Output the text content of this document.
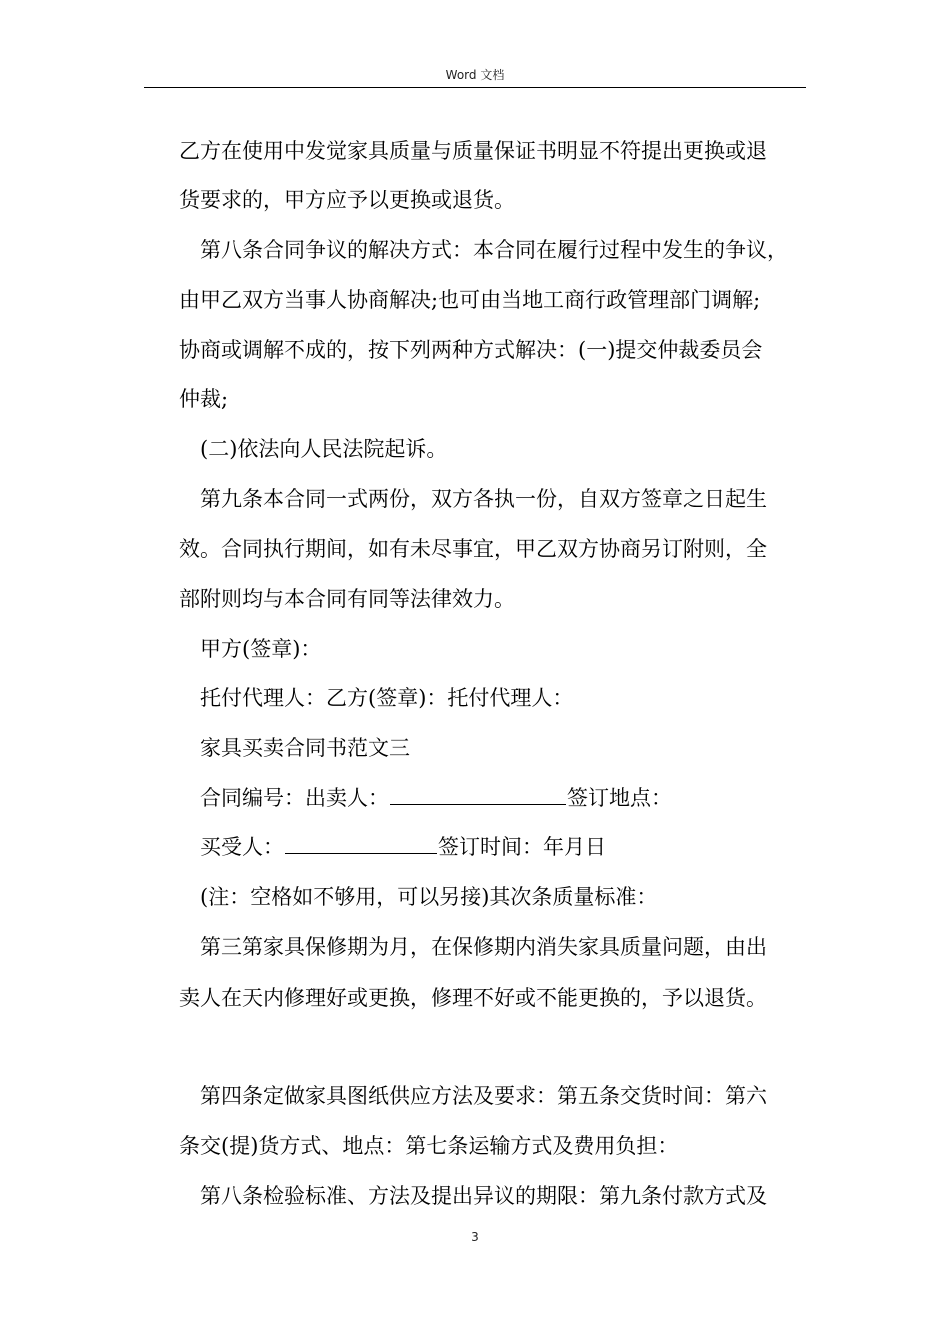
Word 文档
乙方在使用中发觉家具质量与质量保证书明显不符提出更换或退
货要求的，甲方应予以更换或退货。
第八条合同争议的解决方式：本合同在履行过程中发生的争议，
由甲乙双方当事人协商解决;也可由当地工商行政管理部门调解;
协商或调解不成的，按下列两种方式解决：(一)提交仲裁委员会
仲裁;
(二)依法向人民法院起诉。
第九条本合同一式两份，双方各执一份，自双方签章之日起生
效。合同执行期间，如有未尽事宜，甲乙双方协商另订附则，全
部附则均与本合同有同等法律效力。
甲方(签章)：
托付代理人：乙方(签章)：托付代理人：
家具买卖合同书范文三
合同编号：出卖人：	签订地点：
买受人：	签订时间：年月日
(注：空格如不够用，可以另接)其次条质量标准：
第三第家具保修期为月，在保修期内消失家具质量问题，由出
卖人在天内修理好或更换，修理不好或不能更换的，予以退货。
第四条定做家具图纸供应方法及要求：第五条交货时间：第六
条交(提)货方式、地点：第七条运输方式及费用负担：
第八条检验标准、方法及提出异议的期限：第九条付款方式及
3
